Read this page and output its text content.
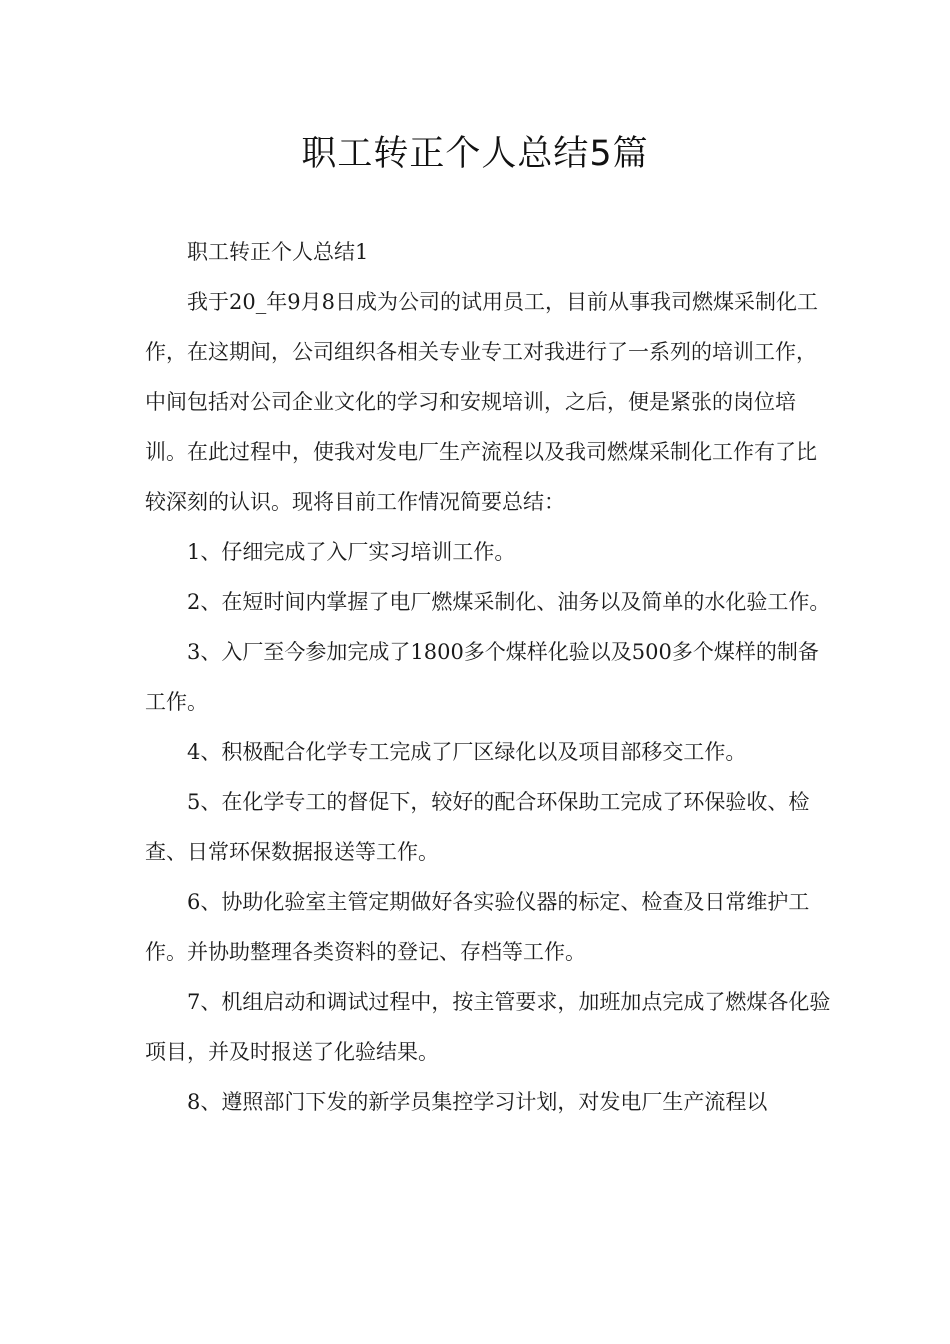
职工转正个人总结5篇

职工转正个人总结1

我于20_年9月8日成为公司的试用员工，目前从事我司燃煤采制化工作，在这期间，公司组织各相关专业专工对我进行了一系列的培训工作，中间包括对公司企业文化的学习和安规培训，之后，便是紧张的岗位培训。在此过程中，使我对发电厂生产流程以及我司燃煤采制化工作有了比较深刻的认识。现将目前工作情况简要总结：

1、仔细完成了入厂实习培训工作。

2、在短时间内掌握了电厂燃煤采制化、油务以及简单的水化验工作。

3、入厂至今参加完成了1800多个煤样化验以及500多个煤样的制备工作。

4、积极配合化学专工完成了厂区绿化以及项目部移交工作。

5、在化学专工的督促下，较好的配合环保助工完成了环保验收、检查、日常环保数据报送等工作。

6、协助化验室主管定期做好各实验仪器的标定、检查及日常维护工作。并协助整理各类资料的登记、存档等工作。

7、机组启动和调试过程中，按主管要求，加班加点完成了燃煤各化验项目，并及时报送了化验结果。

8、遵照部门下发的新学员集控学习计划，对发电厂生产流程以
